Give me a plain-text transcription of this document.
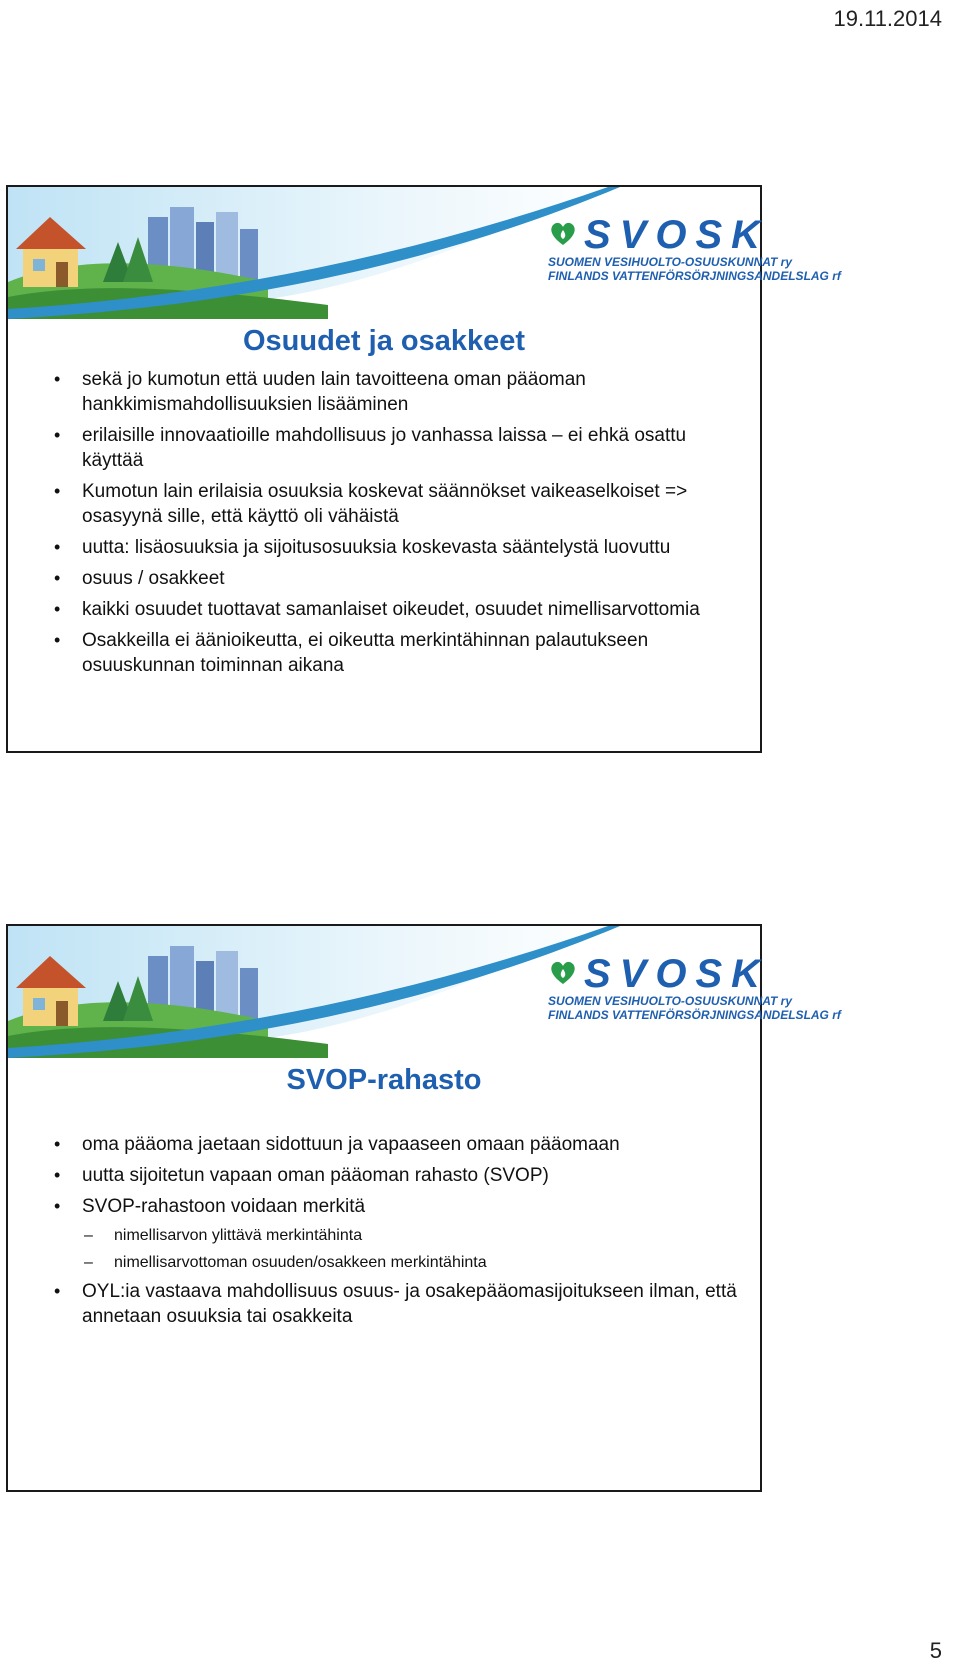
19.11.2014
SVOSK
SUOMEN VESIHUOLTO-OSUUSKUNNAT ry
FINLANDS VATTENFÖRSÖRJNINGSANDELSLAG rf
Osuudet ja osakkeet
• sekä jo kumotun että uuden lain tavoitteena oman pääoman hankkimismahdollisuuksien lisääminen
• erilaisille innovaatioille mahdollisuus jo vanhassa laissa – ei ehkä osattu käyttää
• Kumotun lain erilaisia osuuksia koskevat säännökset vaikeaselkoiset => osasyynä sille, että käyttö oli vähäistä
• uutta: lisäosuuksia ja sijoitusosuuksia koskevasta sääntelystä luovuttu
• osuus / osakkeet
• kaikki osuudet tuottavat samanlaiset oikeudet, osuudet nimellisarvottomia
• Osakkeilla ei äänioikeutta, ei oikeutta merkintähinnan palautukseen osuuskunnan toiminnan aikana
SVOSK
SUOMEN VESIHUOLTO-OSUUSKUNNAT ry
FINLANDS VATTENFÖRSÖRJNINGSANDELSLAG rf
SVOP-rahasto
• oma pääoma jaetaan sidottuun ja vapaaseen omaan pääomaan
• uutta sijoitetun vapaan oman pääoman rahasto (SVOP)
• SVOP-rahastoon voidaan merkitä
– nimellisarvon ylittävä merkintähinta
– nimellisarvottoman osuuden/osakkeen merkintähinta
• OYL:ia vastaava mahdollisuus osuus- ja osakepääomasijoitukseen ilman, että annetaan osuuksia tai osakkeita
5
